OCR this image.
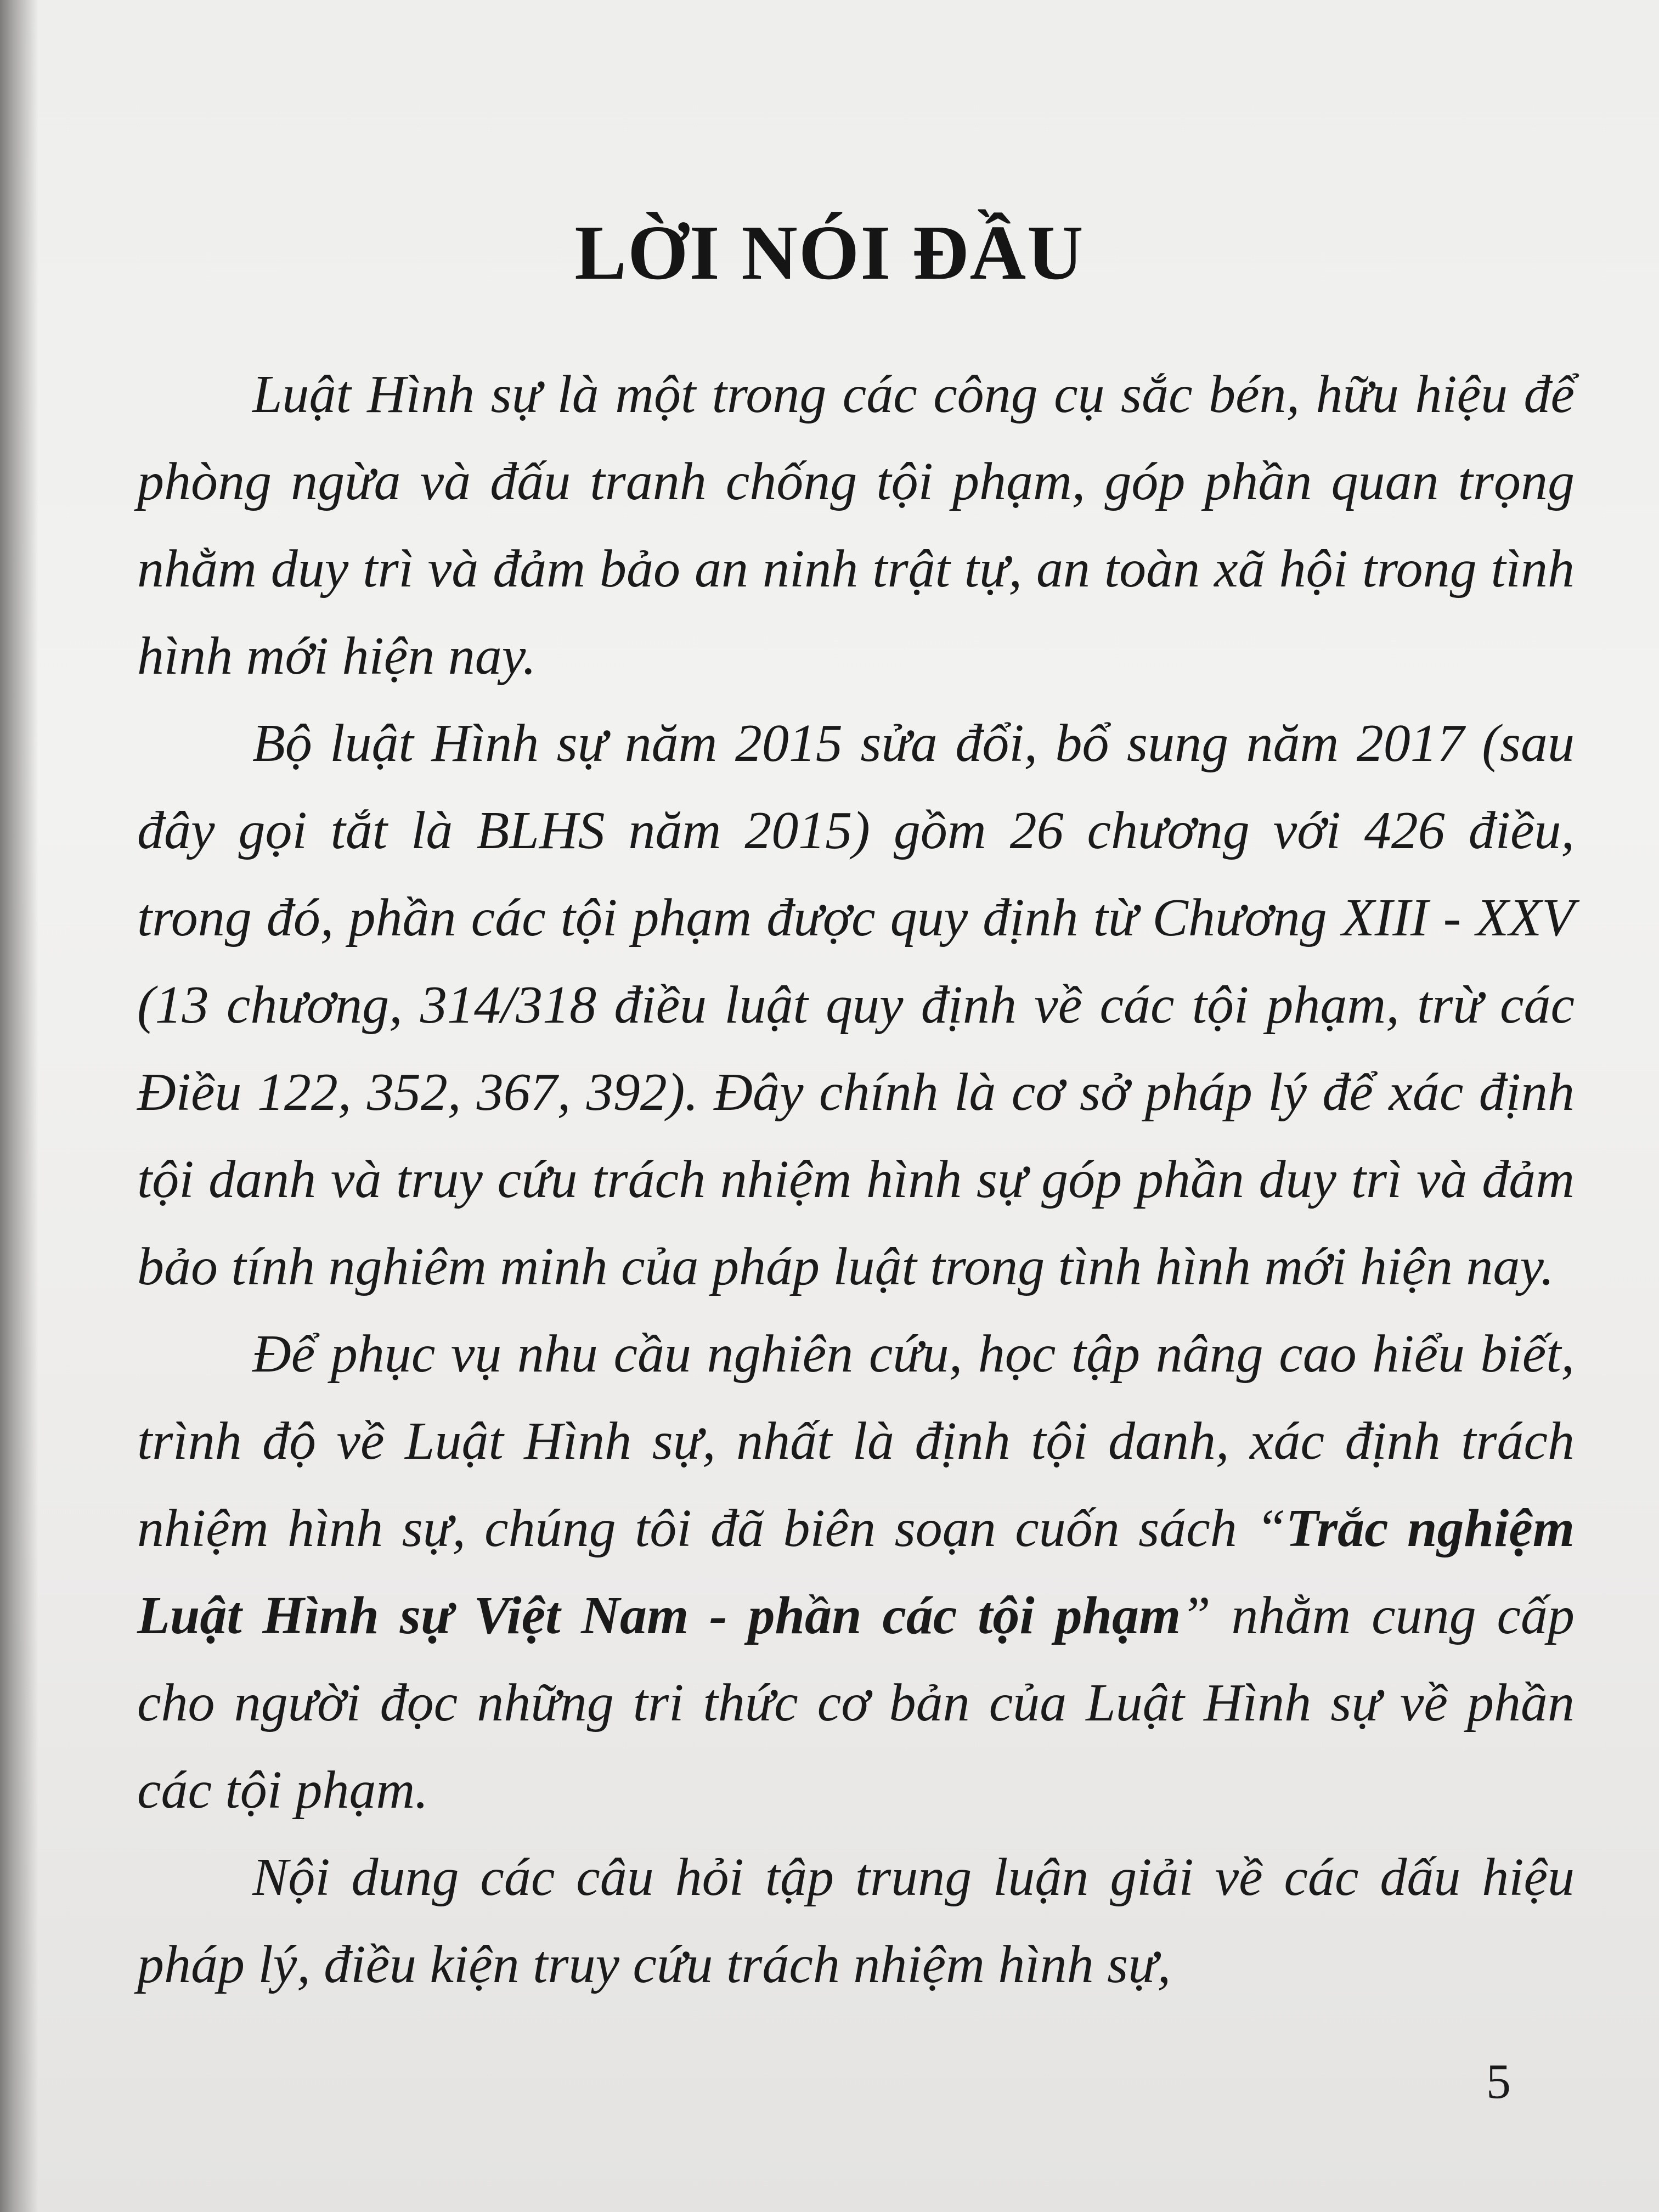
LỜI NÓI ĐẦU

Luật Hình sự là một trong các công cụ sắc bén, hữu hiệu để phòng ngừa và đấu tranh chống tội phạm, góp phần quan trọng nhằm duy trì và đảm bảo an ninh trật tự, an toàn xã hội trong tình hình mới hiện nay.

Bộ luật Hình sự năm 2015 sửa đổi, bổ sung năm 2017 (sau đây gọi tắt là BLHS năm 2015) gồm 26 chương với 426 điều, trong đó, phần các tội phạm được quy định từ Chương XIII - XXV (13 chương, 314/318 điều luật quy định về các tội phạm, trừ các Điều 122, 352, 367, 392). Đây chính là cơ sở pháp lý để xác định tội danh và truy cứu trách nhiệm hình sự góp phần duy trì và đảm bảo tính nghiêm minh của pháp luật trong tình hình mới hiện nay.

Để phục vụ nhu cầu nghiên cứu, học tập nâng cao hiểu biết, trình độ về Luật Hình sự, nhất là định tội danh, xác định trách nhiệm hình sự, chúng tôi đã biên soạn cuốn sách “Trắc nghiệm Luật Hình sự Việt Nam - phần các tội phạm” nhằm cung cấp cho người đọc những tri thức cơ bản của Luật Hình sự về phần các tội phạm.

Nội dung các câu hỏi tập trung luận giải về các dấu hiệu pháp lý, điều kiện truy cứu trách nhiệm hình sự,

5
